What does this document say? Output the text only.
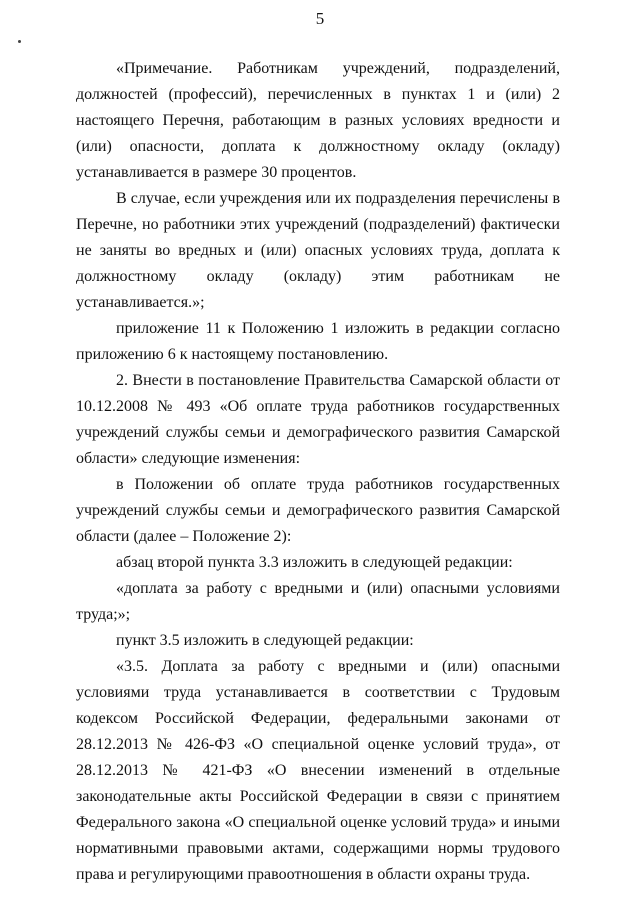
5

«Примечание. Работникам учреждений, подразделений, должностей (профессий), перечисленных в пунктах 1 и (или) 2 настоящего Перечня, работающим в разных условиях вредности и (или) опасности, доплата к должностному окладу (окладу) устанавливается в размере 30 процентов.

В случае, если учреждения или их подразделения перечислены в Перечне, но работники этих учреждений (подразделений) фактически не заняты во вредных и (или) опасных условиях труда, доплата к должностному окладу (окладу) этим работникам не устанавливается.»;

приложение 11 к Положению 1 изложить в редакции согласно приложению 6 к настоящему постановлению.

2. Внести в постановление Правительства Самарской области от 10.12.2008 № 493 «Об оплате труда работников государственных учреждений службы семьи и демографического развития Самарской области» следующие изменения:

в Положении об оплате труда работников государственных учреждений службы семьи и демографического развития Самарской области (далее – Положение 2):

абзац второй пункта 3.3 изложить в следующей редакции:

«доплата за работу с вредными и (или) опасными условиями труда;»;

пункт 3.5 изложить в следующей редакции:

«3.5. Доплата за работу с вредными и (или) опасными условиями труда устанавливается в соответствии с Трудовым кодексом Российской Федерации, федеральными законами от 28.12.2013 № 426-ФЗ «О специальной оценке условий труда», от 28.12.2013 № 421-ФЗ «О внесении изменений в отдельные законодательные акты Российской Федерации в связи с принятием Федерального закона «О специальной оценке условий труда» и иными нормативными правовыми актами, содержащими нормы трудового права и регулирующими правоотношения в области охраны труда.
